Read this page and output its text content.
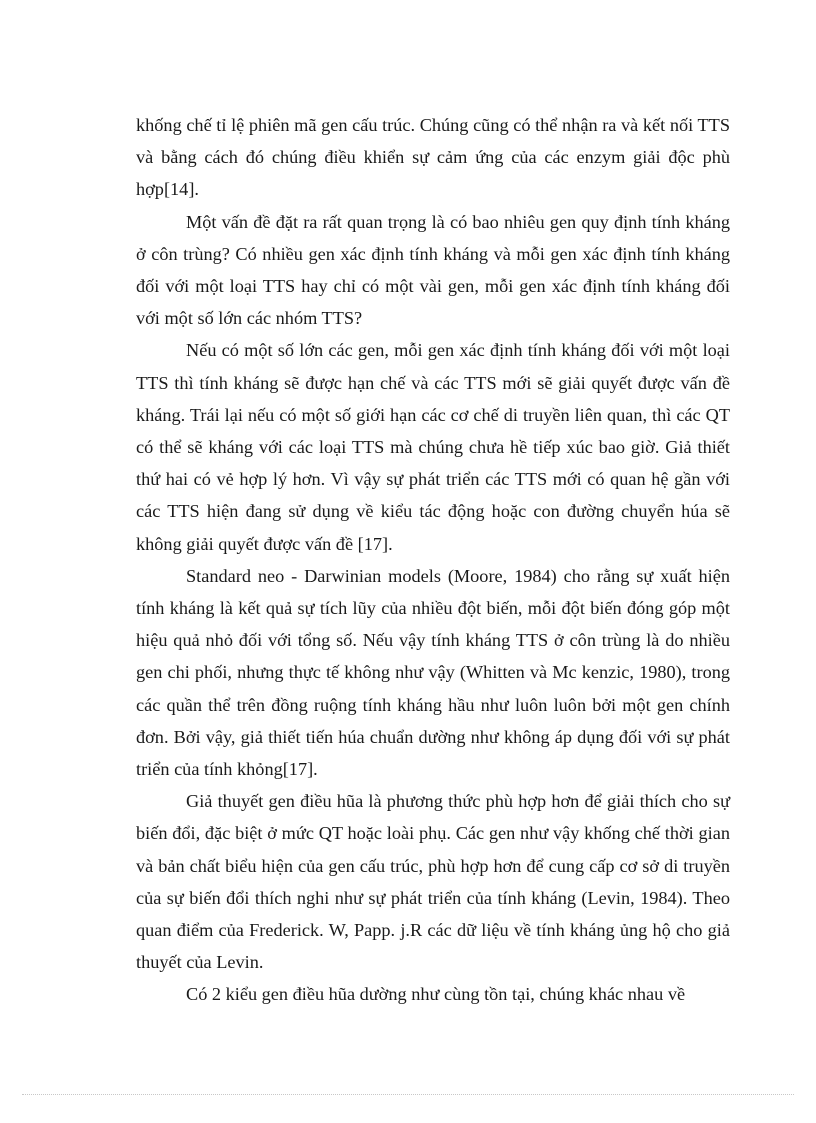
khống chế tỉ lệ phiên mã gen cấu trúc. Chúng cũng có thể nhận ra và kết nối TTS và bằng cách đó chúng điều khiển sự cảm ứng của các enzym giải độc phù hợp[14].

Một vấn đề đặt ra rất quan trọng là có bao nhiêu gen quy định tính kháng ở côn trùng? Có nhiều gen xác định tính kháng và mỗi gen xác định tính kháng đối với một loại TTS hay chỉ có một vài gen, mỗi gen xác định tính kháng đối với một số lớn các nhóm TTS?

Nếu có một số lớn các gen, mỗi gen xác định tính kháng đối với một loại TTS thì tính kháng sẽ được hạn chế và các TTS mới sẽ giải quyết được vấn đề kháng. Trái lại nếu có một số giới hạn các cơ chế di truyền liên quan, thì các QT có thể sẽ kháng với các loại TTS mà chúng chưa hề tiếp xúc bao giờ. Giả thiết thứ hai có vẻ hợp lý hơn. Vì vậy sự phát triển các TTS mới có quan hệ gần với các TTS hiện đang sử dụng về kiểu tác động hoặc con đường chuyển húa sẽ không giải quyết được vấn đề [17].

Standard neo - Darwinian models (Moore, 1984) cho rằng sự xuất hiện tính kháng là kết quả sự tích lũy của nhiều đột biến, mỗi đột biến đóng góp một hiệu quả nhỏ đối với tổng số. Nếu vậy tính kháng TTS ở côn trùng là do nhiều gen chi phối, nhưng thực tế không như vậy (Whitten và Mc kenzic, 1980), trong các quần thể trên đồng ruộng tính kháng hầu như luôn luôn bởi một gen chính đơn. Bởi vậy, giả thiết tiến húa chuẩn dường như không áp dụng đối với sự phát triển của tính khỏng[17].

Giả thuyết gen điều hũa là phương thức phù hợp hơn để giải thích cho sự biến đổi, đặc biệt ở mức QT hoặc loài phụ. Các gen như vậy khống chế thời gian và bản chất biểu hiện của gen cấu trúc, phù hợp hơn để cung cấp cơ sở di truyền của sự biến đổi thích nghi như sự phát triển của tính kháng (Levin, 1984). Theo quan điểm của Frederick. W, Papp. j.R các dữ liệu về tính kháng ủng hộ cho giả thuyết của Levin.

Có 2 kiểu gen điều hũa dường như cùng tồn tại, chúng khác nhau về
